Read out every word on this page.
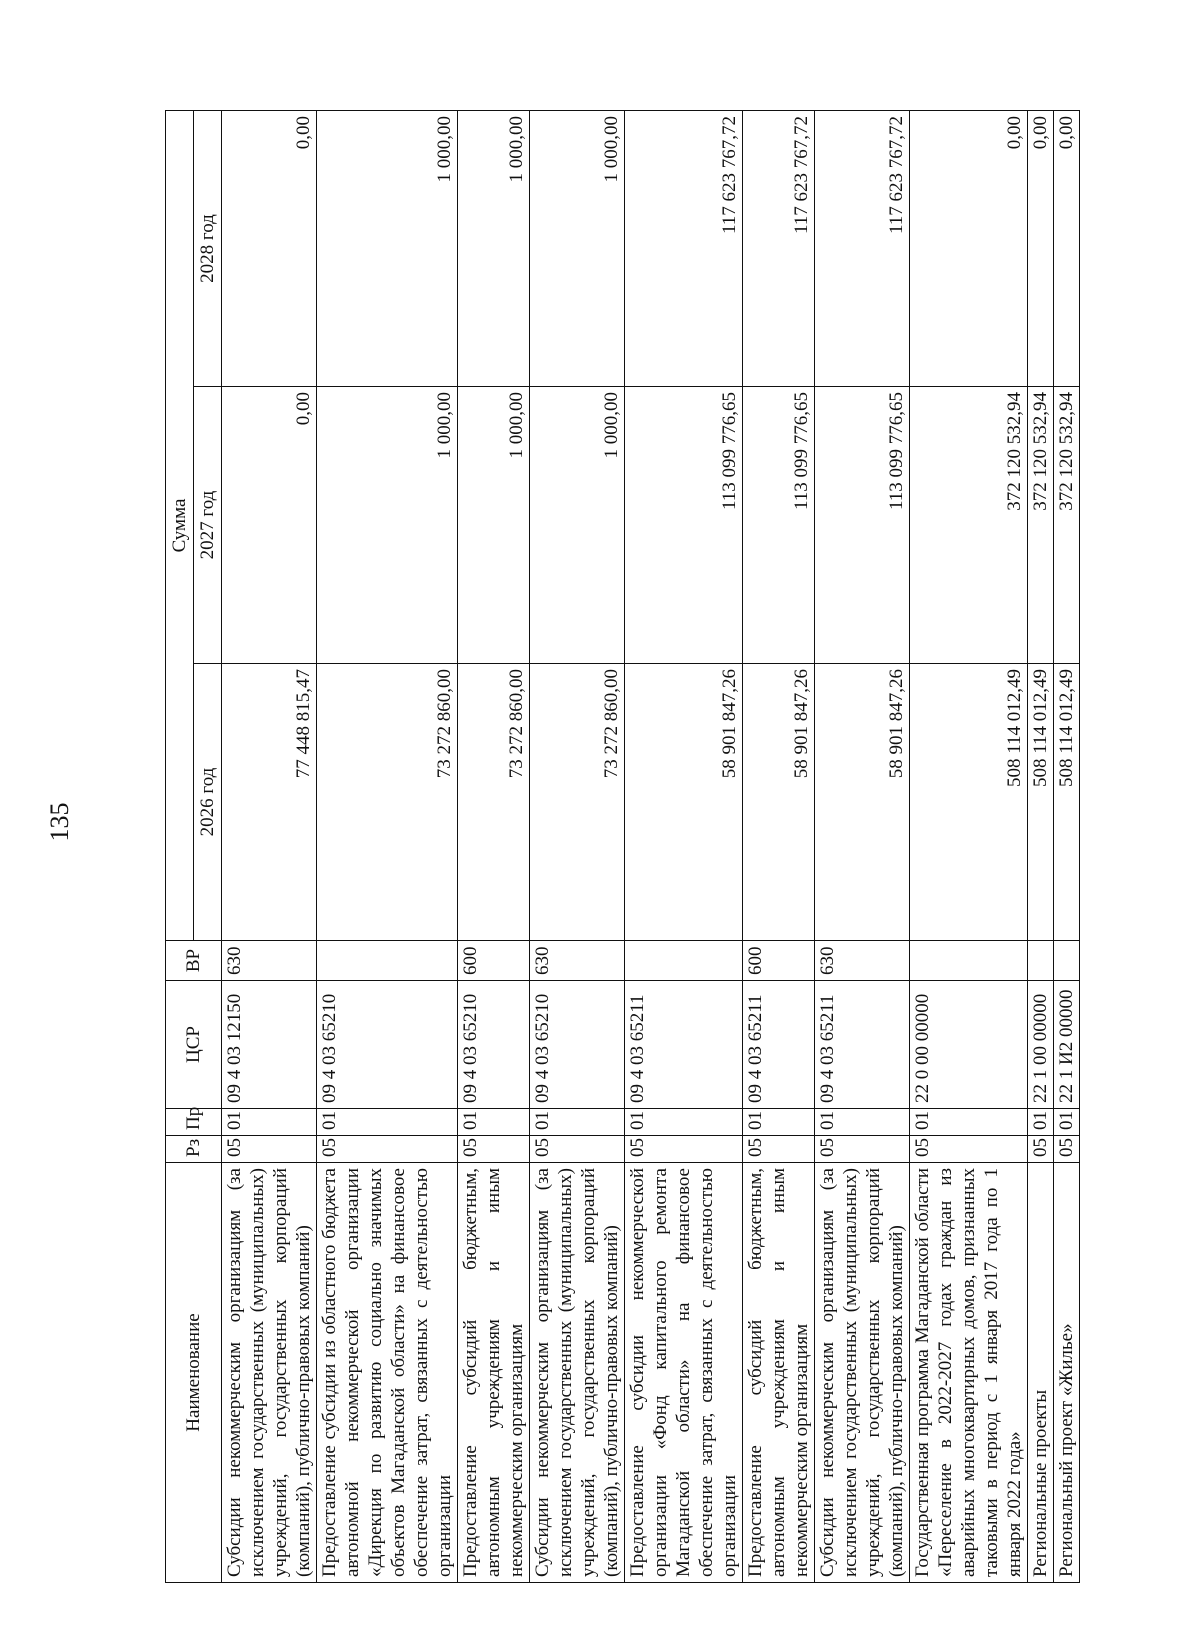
135
Наименование	Рз	Пр	ЦСР	ВР	Сумма		
					2026 год	2027 год	2028 год
Субсидии некоммерческим организациям (за исключением государственных (муниципальных) учреждений, государственных корпораций (компаний), публично-правовых компаний)	05	01	09 4 03 12150	630	77 448 815,47	0,00	0,00
Предоставление субсидии из областного бюджета автономной некоммерческой организации «Дирекция по развитию социально значимых объектов Магаданской области» на финансовое обеспечение затрат, связанных с деятельностью организации	05	01	09 4 03 65210		73 272 860,00	1 000,00	1 000,00
Предоставление субсидий бюджетным, автономным учреждениям и иным некоммерческим организациям	05	01	09 4 03 65210	600	73 272 860,00	1 000,00	1 000,00
Субсидии некоммерческим организациям (за исключением государственных (муниципальных) учреждений, государственных корпораций (компаний), публично-правовых компаний)	05	01	09 4 03 65210	630	73 272 860,00	1 000,00	1 000,00
Предоставление субсидии некоммерческой организации «Фонд капитального ремонта Магаданской области» на финансовое обеспечение затрат, связанных с деятельностью организации	05	01	09 4 03 65211		58 901 847,26	113 099 776,65	117 623 767,72
Предоставление субсидий бюджетным, автономным учреждениям и иным некоммерческим организациям	05	01	09 4 03 65211	600	58 901 847,26	113 099 776,65	117 623 767,72
Субсидии некоммерческим организациям (за исключением государственных (муниципальных) учреждений, государственных корпораций (компаний), публично-правовых компаний)	05	01	09 4 03 65211	630	58 901 847,26	113 099 776,65	117 623 767,72
Государственная программа Магаданской области «Переселение в 2022-2027 годах граждан из аварийных многоквартирных домов, признанных таковыми в период с 1 января 2017 года по 1 января 2022 года»	05	01	22 0 00 00000		508 114 012,49	372 120 532,94	0,00
Региональные проекты	05	01	22 1 00 00000		508 114 012,49	372 120 532,94	0,00
Региональный проект «Жилье»	05	01	22 1 И2 00000		508 114 012,49	372 120 532,94	0,00
